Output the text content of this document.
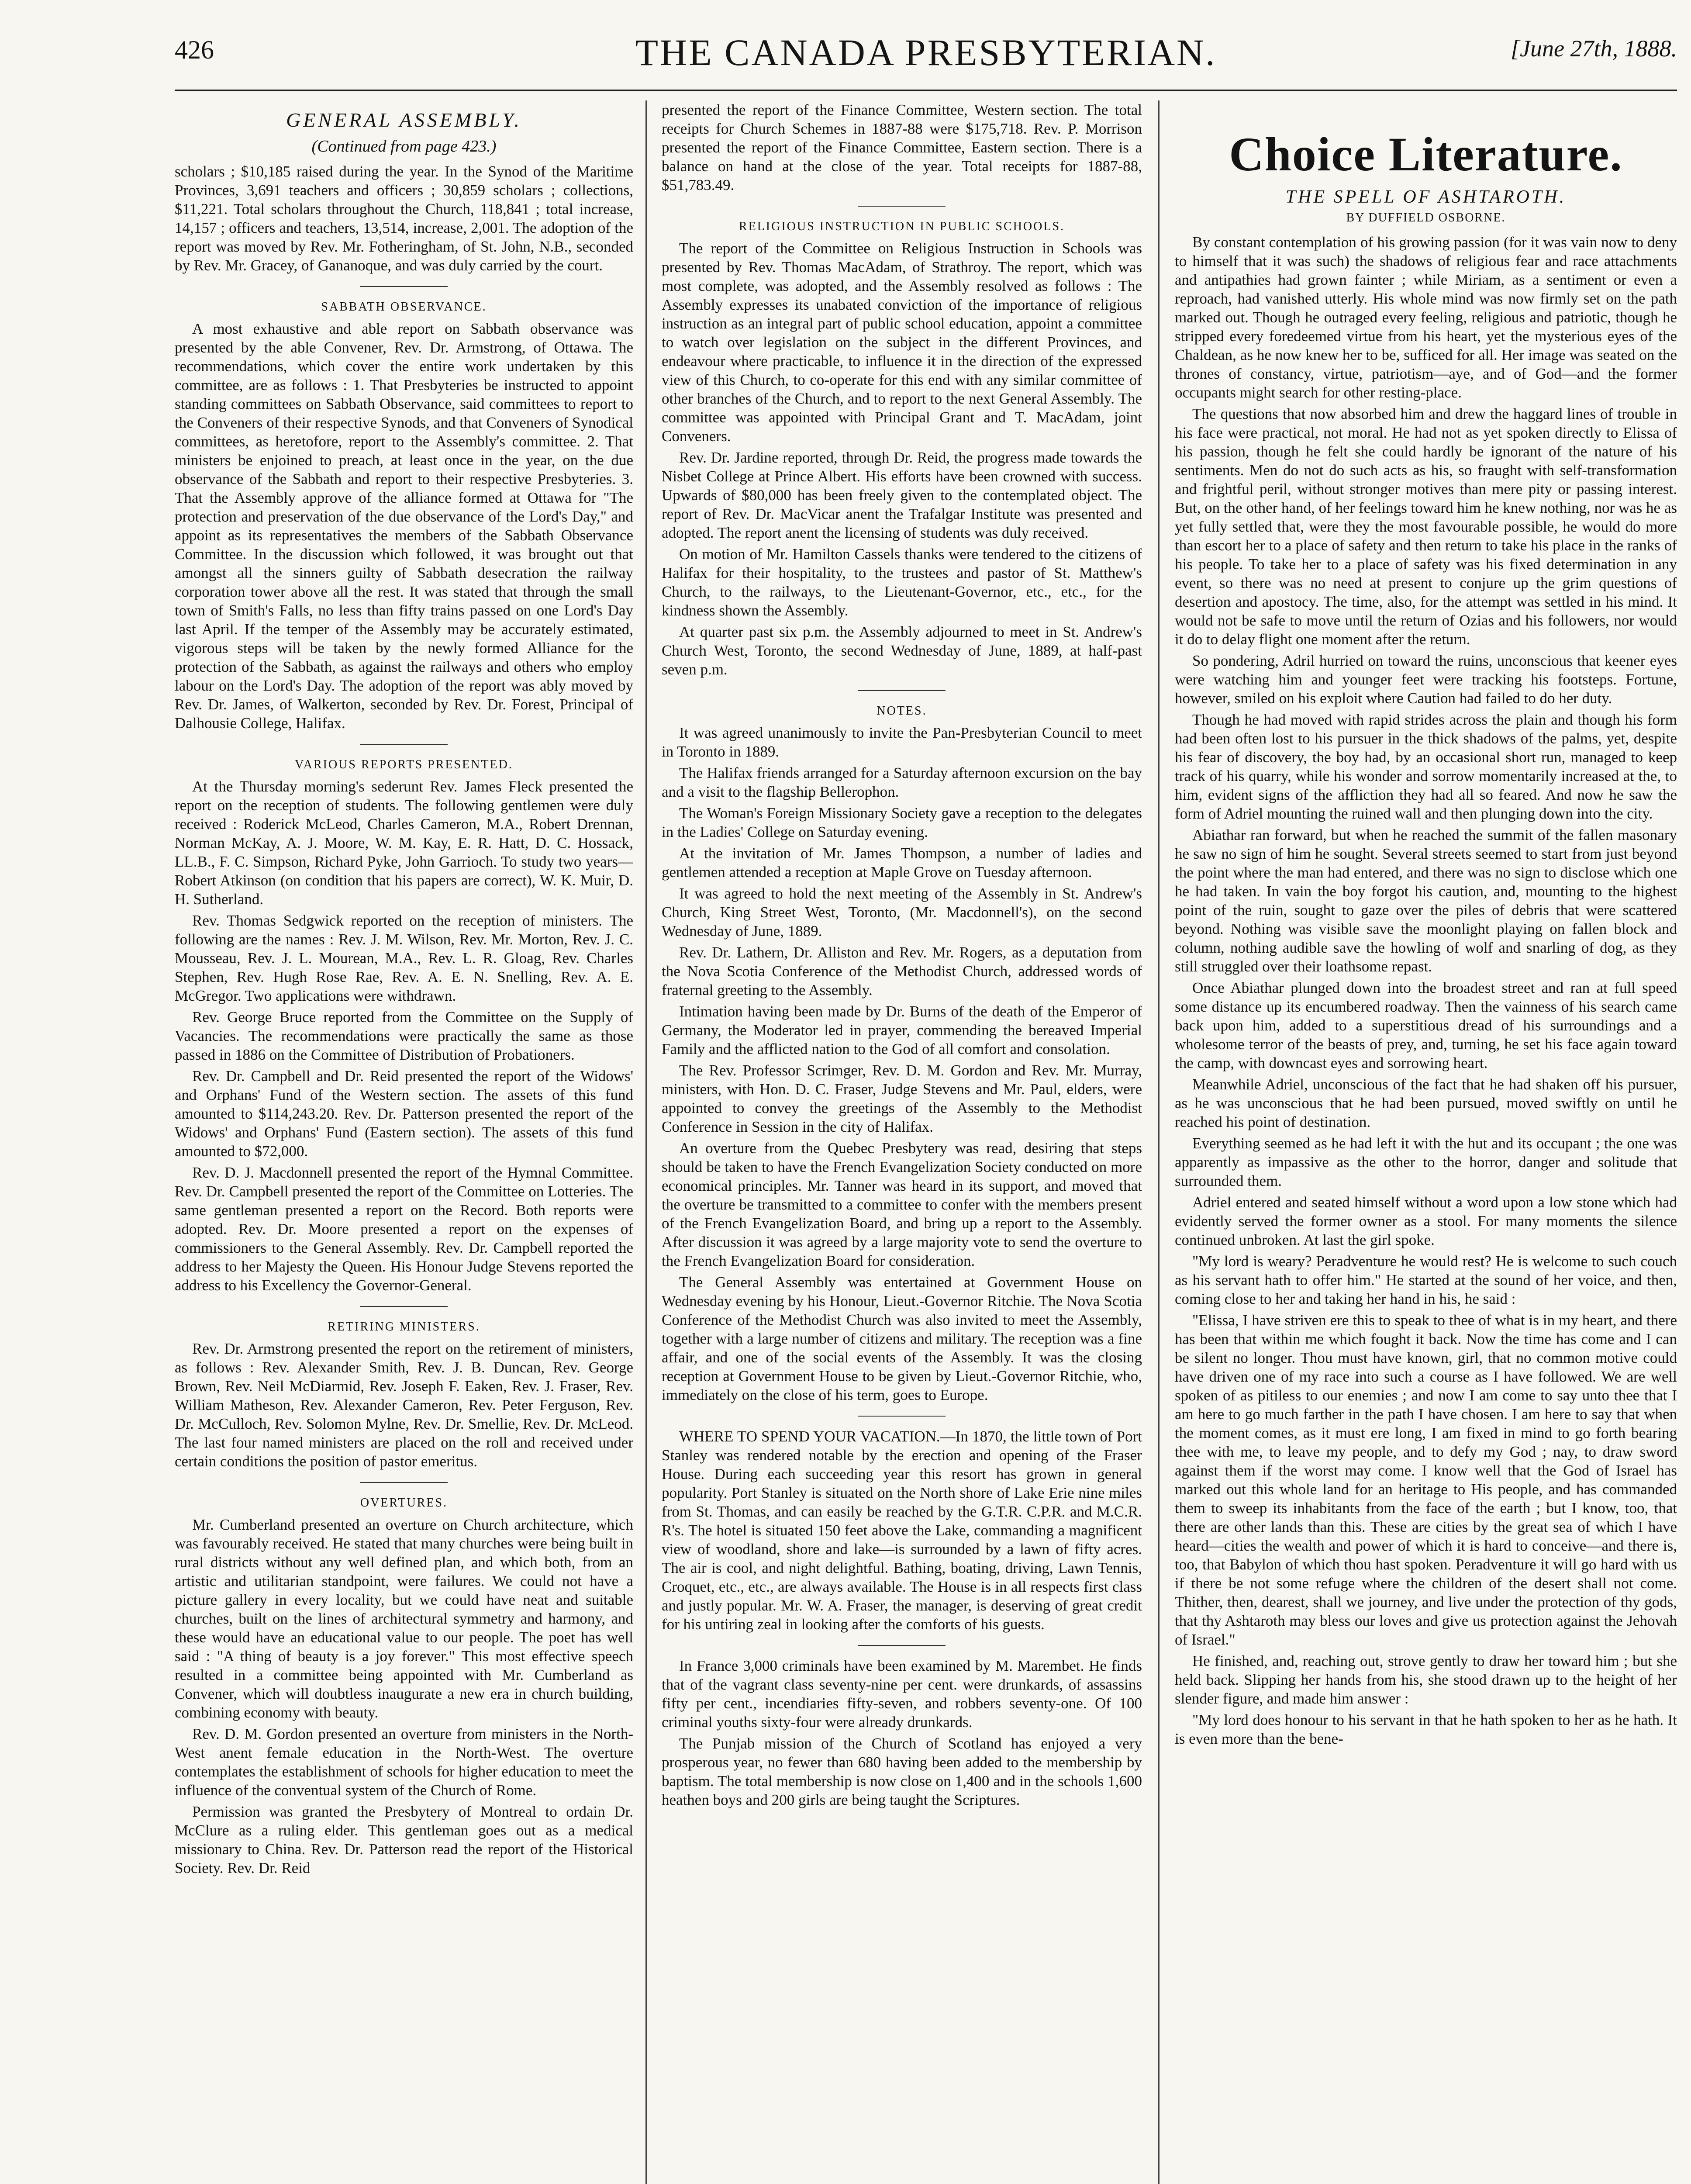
426	THE CANADA PRESBYTERIAN.	[June 27th, 1888.
GENERAL ASSEMBLY.
(Continued from page 423.)

scholars ; $10,185 raised during the year. In the Synod of the Maritime Provinces, 3,691 teachers and officers ; 30,859 scholars ; collections, $11,221. Total scholars throughout the Church, 118,841 ; total increase, 14,157 ; officers and teachers, 13,514, increase, 2,001. The adoption of the report was moved by Rev. Mr. Fotheringham, of St. John, N.B., seconded by Rev. Mr. Gracey, of Gananoque, and was duly carried by the court.

SABBATH OBSERVANCE.

A most exhaustive and able report on Sabbath observance was presented by the able Convener, Rev. Dr. Armstrong, of Ottawa. The recommendations, which cover the entire work undertaken by this committee, are as follows : 1. That Presbyteries be instructed to appoint standing committees on Sabbath Observance, said committees to report to the Conveners of their respective Synods, and that Conveners of Synodical committees, as heretofore, report to the Assembly's committee. 2. That ministers be enjoined to preach, at least once in the year, on the due observance of the Sabbath and report to their respective Presbyteries. 3. That the Assembly approve of the alliance formed at Ottawa for "The protection and preservation of the due observance of the Lord's Day," and appoint as its representatives the members of the Sabbath Observance Committee. In the discussion which followed, it was brought out that amongst all the sinners guilty of Sabbath desecration the railway corporation tower above all the rest. It was stated that through the small town of Smith's Falls, no less than fifty trains passed on one Lord's Day last April. If the temper of the Assembly may be accurately estimated, vigorous steps will be taken by the newly formed Alliance for the protection of the Sabbath, as against the railways and others who employ labour on the Lord's Day. The adoption of the report was ably moved by Rev. Dr. James, of Walkerton, seconded by Rev. Dr. Forest, Principal of Dalhousie College, Halifax.

VARIOUS REPORTS PRESENTED.

At the Thursday morning's sederunt Rev. James Fleck presented the report on the reception of students. The following gentlemen were duly received : Roderick McLeod, Charles Cameron, M.A., Robert Drennan, Norman McKay, A. J. Moore, W. M. Kay, E. R. Hatt, D. C. Hossack, LL.B., F. C. Simpson, Richard Pyke, John Garrioch. To study two years—Robert Atkinson (on condition that his papers are correct), W. K. Muir, D. H. Sutherland.

Rev. Thomas Sedgwick reported on the reception of ministers. The following are the names : Rev. J. M. Wilson, Rev. Mr. Morton, Rev. J. C. Mousseau, Rev. J. L. Mourean, M.A., Rev. L. R. Gloag, Rev. Charles Stephen, Rev. Hugh Rose Rae, Rev. A. E. N. Snelling, Rev. A. E. McGregor. Two applications were withdrawn.

Rev. George Bruce reported from the Committee on the Supply of Vacancies. The recommendations were practically the same as those passed in 1886 on the Committee of Distribution of Probationers.

Rev. Dr. Campbell and Dr. Reid presented the report of the Widows' and Orphans' Fund of the Western section. The assets of this fund amounted to $114,243.20. Rev. Dr. Patterson presented the report of the Widows' and Orphans' Fund (Eastern section). The assets of this fund amounted to $72,000.

Rev. D. J. Macdonnell presented the report of the Hymnal Committee. Rev. Dr. Campbell presented the report of the Committee on Lotteries. The same gentleman presented a report on the Record. Both reports were adopted. Rev. Dr. Moore presented a report on the expenses of commissioners to the General Assembly. Rev. Dr. Campbell reported the address to her Majesty the Queen. His Honour Judge Stevens reported the address to his Excellency the Governor-General.

RETIRING MINISTERS.

Rev. Dr. Armstrong presented the report on the retirement of ministers, as follows : Rev. Alexander Smith, Rev. J. B. Duncan, Rev. George Brown, Rev. Neil McDiarmid, Rev. Joseph F. Eaken, Rev. J. Fraser, Rev. William Matheson, Rev. Alexander Cameron, Rev. Peter Ferguson, Rev. Dr. McCulloch, Rev. Solomon Mylne, Rev. Dr. Smellie, Rev. Dr. McLeod. The last four named ministers are placed on the roll and received under certain conditions the position of pastor emeritus.

OVERTURES.

Mr. Cumberland presented an overture on Church architecture, which was favourably received. He stated that many churches were being built in rural districts without any well defined plan, and which both, from an artistic and utilitarian standpoint, were failures. We could not have a picture gallery in every locality, but we could have neat and suitable churches, built on the lines of architectural symmetry and harmony, and these would have an educational value to our people. The poet has well said : "A thing of beauty is a joy forever." This most effective speech resulted in a committee being appointed with Mr. Cumberland as Convener, which will doubtless inaugurate a new era in church building, combining economy with beauty.

Rev. D. M. Gordon presented an overture from ministers in the North-West anent female education in the North-West. The overture contemplates the establishment of schools for higher education to meet the influence of the conventual system of the Church of Rome.

Permission was granted the Presbytery of Montreal to ordain Dr. McClure as a ruling elder. This gentleman goes out as a medical missionary to China. Rev. Dr. Patterson read the report of the Historical Society. Rev. Dr. Reid

presented the report of the Finance Committee, Western section. The total receipts for Church Schemes in 1887-88 were $175,718. Rev. P. Morrison presented the report of the Finance Committee, Eastern section. There is a balance on hand at the close of the year. Total receipts for 1887-88, $51,783.49.

RELIGIOUS INSTRUCTION IN PUBLIC SCHOOLS.

The report of the Committee on Religious Instruction in Schools was presented by Rev. Thomas MacAdam, of Strathroy. The report, which was most complete, was adopted, and the Assembly resolved as follows : The Assembly expresses its unabated conviction of the importance of religious instruction as an integral part of public school education, appoint a committee to watch over legislation on the subject in the different Provinces, and endeavour where practicable, to influence it in the direction of the expressed view of this Church, to co-operate for this end with any similar committee of other branches of the Church, and to report to the next General Assembly. The committee was appointed with Principal Grant and T. MacAdam, joint Conveners.

Rev. Dr. Jardine reported, through Dr. Reid, the progress made towards the Nisbet College at Prince Albert. His efforts have been crowned with success. Upwards of $80,000 has been freely given to the contemplated object. The report of Rev. Dr. MacVicar anent the Trafalgar Institute was presented and adopted. The report anent the licensing of students was duly received.

On motion of Mr. Hamilton Cassels thanks were tendered to the citizens of Halifax for their hospitality, to the trustees and pastor of St. Matthew's Church, to the railways, to the Lieutenant-Governor, etc., etc., for the kindness shown the Assembly.

At quarter past six p.m. the Assembly adjourned to meet in St. Andrew's Church West, Toronto, the second Wednesday of June, 1889, at half-past seven p.m.

NOTES.

It was agreed unanimously to invite the Pan-Presbyterian Council to meet in Toronto in 1889.

The Halifax friends arranged for a Saturday afternoon excursion on the bay and a visit to the flagship Bellerophon.

The Woman's Foreign Missionary Society gave a reception to the delegates in the Ladies' College on Saturday evening.

At the invitation of Mr. James Thompson, a number of ladies and gentlemen attended a reception at Maple Grove on Tuesday afternoon.

It was agreed to hold the next meeting of the Assembly in St. Andrew's Church, King Street West, Toronto, (Mr. Macdonnell's), on the second Wednesday of June, 1889.

Rev. Dr. Lathern, Dr. Alliston and Rev. Mr. Rogers, as a deputation from the Nova Scotia Conference of the Methodist Church, addressed words of fraternal greeting to the Assembly.

Intimation having been made by Dr. Burns of the death of the Emperor of Germany, the Moderator led in prayer, commending the bereaved Imperial Family and the afflicted nation to the God of all comfort and consolation.

The Rev. Professor Scrimger, Rev. D. M. Gordon and Rev. Mr. Murray, ministers, with Hon. D. C. Fraser, Judge Stevens and Mr. Paul, elders, were appointed to convey the greetings of the Assembly to the Methodist Conference in Session in the city of Halifax.

An overture from the Quebec Presbytery was read, desiring that steps should be taken to have the French Evangelization Society conducted on more economical principles. Mr. Tanner was heard in its support, and moved that the overture be transmitted to a committee to confer with the members present of the French Evangelization Board, and bring up a report to the Assembly. After discussion it was agreed by a large majority vote to send the overture to the French Evangelization Board for consideration.

The General Assembly was entertained at Government House on Wednesday evening by his Honour, Lieut.-Governor Ritchie. The Nova Scotia Conference of the Methodist Church was also invited to meet the Assembly, together with a large number of citizens and military. The reception was a fine affair, and one of the social events of the Assembly. It was the closing reception at Government House to be given by Lieut.-Governor Ritchie, who, immediately on the close of his term, goes to Europe.

WHERE TO SPEND YOUR VACATION.—In 1870, the little town of Port Stanley was rendered notable by the erection and opening of the Fraser House. During each succeeding year this resort has grown in general popularity. Port Stanley is situated on the North shore of Lake Erie nine miles from St. Thomas, and can easily be reached by the G.T.R. C.P.R. and M.C.R. R's. The hotel is situated 150 feet above the Lake, commanding a magnificent view of woodland, shore and lake—is surrounded by a lawn of fifty acres. The air is cool, and night delightful. Bathing, boating, driving, Lawn Tennis, Croquet, etc., etc., are always available. The House is in all respects first class and justly popular. Mr. W. A. Fraser, the manager, is deserving of great credit for his untiring zeal in looking after the comforts of his guests.

In France 3,000 criminals have been examined by M. Marembet. He finds that of the vagrant class seventy-nine per cent. were drunkards, of assassins fifty per cent., incendiaries fifty-seven, and robbers seventy-one. Of 100 criminal youths sixty-four were already drunkards.

The Punjab mission of the Church of Scotland has enjoyed a very prosperous year, no fewer than 680 having been added to the membership by baptism. The total membership is now close on 1,400 and in the schools 1,600 heathen boys and 200 girls are being taught the Scriptures.

Choice Literature.
THE SPELL OF ASHTAROTH.
BY DUFFIELD OSBORNE.

By constant contemplation of his growing passion (for it was vain now to deny to himself that it was such) the shadows of religious fear and race attachments and antipathies had grown fainter ; while Miriam, as a sentiment or even a reproach, had vanished utterly. His whole mind was now firmly set on the path marked out. Though he outraged every feeling, religious and patriotic, though he stripped every foredeemed virtue from his heart, yet the mysterious eyes of the Chaldean, as he now knew her to be, sufficed for all. Her image was seated on the thrones of constancy, virtue, patriotism—aye, and of God—and the former occupants might search for other resting-place.

The questions that now absorbed him and drew the haggard lines of trouble in his face were practical, not moral. He had not as yet spoken directly to Elissa of his passion, though he felt she could hardly be ignorant of the nature of his sentiments. Men do not do such acts as his, so fraught with self-transformation and frightful peril, without stronger motives than mere pity or passing interest. But, on the other hand, of her feelings toward him he knew nothing, nor was he as yet fully settled that, were they the most favourable possible, he would do more than escort her to a place of safety and then return to take his place in the ranks of his people. To take her to a place of safety was his fixed determination in any event, so there was no need at present to conjure up the grim questions of desertion and apostocy. The time, also, for the attempt was settled in his mind. It would not be safe to move until the return of Ozias and his followers, nor would it do to delay flight one moment after the return.

So pondering, Adril hurried on toward the ruins, unconscious that keener eyes were watching him and younger feet were tracking his footsteps. Fortune, however, smiled on his exploit where Caution had failed to do her duty.

Though he had moved with rapid strides across the plain and though his form had been often lost to his pursuer in the thick shadows of the palms, yet, despite his fear of discovery, the boy had, by an occasional short run, managed to keep track of his quarry, while his wonder and sorrow momentarily increased at the, to him, evident signs of the affliction they had all so feared. And now he saw the form of Adriel mounting the ruined wall and then plunging down into the city.

Abiathar ran forward, but when he reached the summit of the fallen masonary he saw no sign of him he sought. Several streets seemed to start from just beyond the point where the man had entered, and there was no sign to disclose which one he had taken. In vain the boy forgot his caution, and, mounting to the highest point of the ruin, sought to gaze over the piles of debris that were scattered beyond. Nothing was visible save the moonlight playing on fallen block and column, nothing audible save the howling of wolf and snarling of dog, as they still struggled over their loathsome repast.

Once Abiathar plunged down into the broadest street and ran at full speed some distance up its encumbered roadway. Then the vainness of his search came back upon him, added to a superstitious dread of his surroundings and a wholesome terror of the beasts of prey, and, turning, he set his face again toward the camp, with downcast eyes and sorrowing heart.

Meanwhile Adriel, unconscious of the fact that he had shaken off his pursuer, as he was unconscious that he had been pursued, moved swiftly on until he reached his point of destination.

Everything seemed as he had left it with the hut and its occupant ; the one was apparently as impassive as the other to the horror, danger and solitude that surrounded them.

Adriel entered and seated himself without a word upon a low stone which had evidently served the former owner as a stool. For many moments the silence continued unbroken. At last the girl spoke.

"My lord is weary? Peradventure he would rest? He is welcome to such couch as his servant hath to offer him." He started at the sound of her voice, and then, coming close to her and taking her hand in his, he said :

"Elissa, I have striven ere this to speak to thee of what is in my heart, and there has been that within me which fought it back. Now the time has come and I can be silent no longer. Thou must have known, girl, that no common motive could have driven one of my race into such a course as I have followed. We are well spoken of as pitiless to our enemies ; and now I am come to say unto thee that I am here to go much farther in the path I have chosen. I am here to say that when the moment comes, as it must ere long, I am fixed in mind to go forth bearing thee with me, to leave my people, and to defy my God ; nay, to draw sword against them if the worst may come. I know well that the God of Israel has marked out this whole land for an heritage to His people, and has commanded them to sweep its inhabitants from the face of the earth ; but I know, too, that there are other lands than this. These are cities by the great sea of which I have heard—cities the wealth and power of which it is hard to conceive—and there is, too, that Babylon of which thou hast spoken. Peradventure it will go hard with us if there be not some refuge where the children of the desert shall not come. Thither, then, dearest, shall we journey, and live under the protection of thy gods, that thy Ashtaroth may bless our loves and give us protection against the Jehovah of Israel."

He finished, and, reaching out, strove gently to draw her toward him ; but she held back. Slipping her hands from his, she stood drawn up to the height of her slender figure, and made him answer :

"My lord does honour to his servant in that he hath spoken to her as he hath. It is even more than the bene-
